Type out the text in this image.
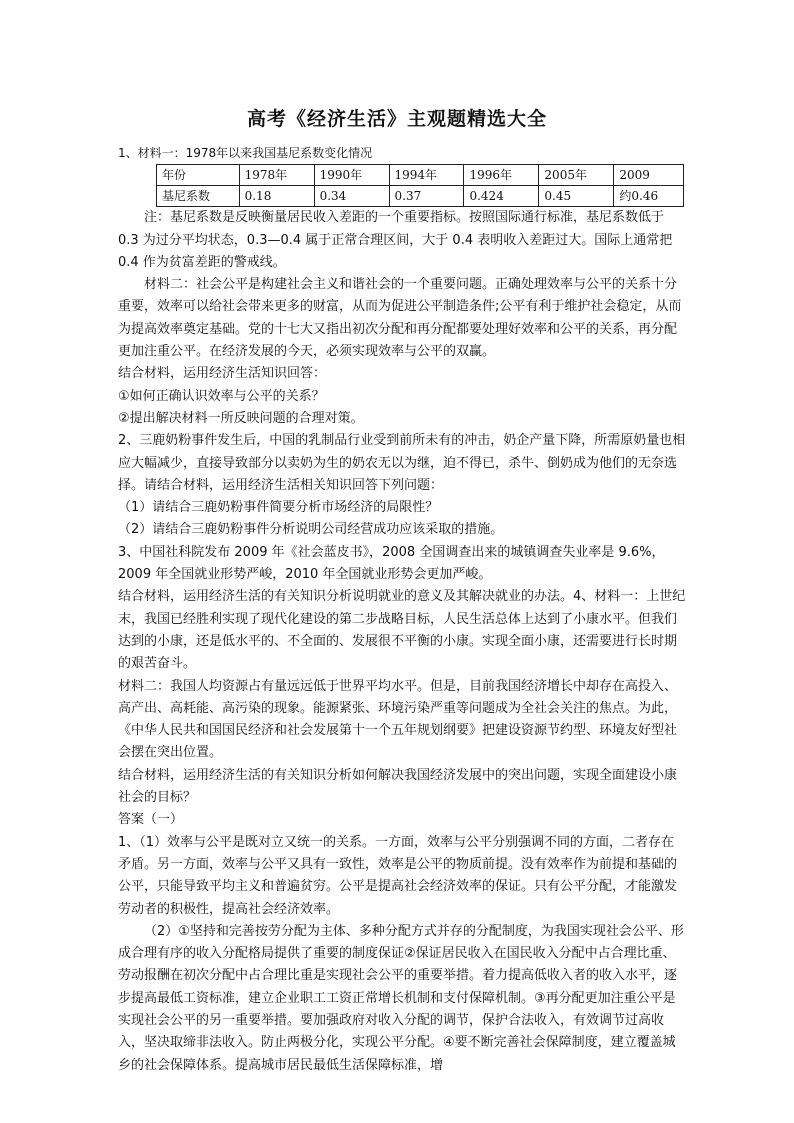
高考《经济生活》主观题精选大全

1、材料一：1978年以来我国基尼系数变化情况

年份	1978年	1990年	1994年	1996年	2005年	2009
基尼系数	0.18	0.34	0.37	0.424	0.45	约0.46

注：基尼系数是反映衡量居民收入差距的一个重要指标。按照国际通行标准，基尼系数低于 0.3 为过分平均状态，0.3—0.4 属于正常合理区间，大于 0.4 表明收入差距过大。国际上通常把 0.4 作为贫富差距的警戒线。

材料二：社会公平是构建社会主义和谐社会的一个重要问题。正确处理效率与公平的关系十分重要，效率可以给社会带来更多的财富，从而为促进公平制造条件;公平有利于维护社会稳定，从而为提高效率奠定基础。党的十七大又指出初次分配和再分配都要处理好效率和公平的关系，再分配更加注重公平。在经济发展的今天，必须实现效率与公平的双赢。

结合材料，运用经济生活知识回答：

①如何正确认识效率与公平的关系？

②提出解决材料一所反映问题的合理对策。

2、三鹿奶粉事件发生后，中国的乳制品行业受到前所未有的冲击，奶企产量下降，所需原奶量也相应大幅减少，直接导致部分以卖奶为生的奶农无以为继，迫不得已，杀牛、倒奶成为他们的无奈选择。请结合材料，运用经济生活相关知识回答下列问题：

（1）请结合三鹿奶粉事件简要分析市场经济的局限性？

（2）请结合三鹿奶粉事件分析说明公司经营成功应该采取的措施。

3、中国社科院发布 2009 年《社会蓝皮书》，2008 全国调查出来的城镇调查失业率是 9.6%，2009 年全国就业形势严峻，2010 年全国就业形势会更加严峻。

结合材料，运用经济生活的有关知识分析说明就业的意义及其解决就业的办法。4、材料一：上世纪末，我国已经胜利实现了现代化建设的第二步战略目标，人民生活总体上达到了小康水平。但我们达到的小康，还是低水平的、不全面的、发展很不平衡的小康。实现全面小康，还需要进行长时期的艰苦奋斗。

材料二：我国人均资源占有量远远低于世界平均水平。但是，目前我国经济增长中却存在高投入、高产出、高耗能、高污染的现象。能源紧张、环境污染严重等问题成为全社会关注的焦点。为此，《中华人民共和国国民经济和社会发展第十一个五年规划纲要》把建设资源节约型、环境友好型社会摆在突出位置。

结合材料，运用经济生活的有关知识分析如何解决我国经济发展中的突出问题，实现全面建设小康社会的目标？

答案（一）

1、（1）效率与公平是既对立又统一的关系。一方面，效率与公平分别强调不同的方面，二者存在矛盾。另一方面，效率与公平又具有一致性，效率是公平的物质前提。没有效率作为前提和基础的公平，只能导致平均主义和普遍贫穷。公平是提高社会经济效率的保证。只有公平分配，才能激发劳动者的积极性，提高社会经济效率。

（2）①坚持和完善按劳分配为主体、多种分配方式并存的分配制度，为我国实现社会公平、形成合理有序的收入分配格局提供了重要的制度保证②保证居民收入在国民收入分配中占合理比重、劳动报酬在初次分配中占合理比重是实现社会公平的重要举措。着力提高低收入者的收入水平，逐步提高最低工资标准，建立企业职工工资正常增长机制和支付保障机制。③再分配更加注重公平是实现社会公平的另一重要举措。要加强政府对收入分配的调节，保护合法收入，有效调节过高收入，坚决取缔非法收入。防止两极分化，实现公平分配。④要不断完善社会保障制度，建立覆盖城乡的社会保障体系。提高城市居民最低生活保障标准，增
